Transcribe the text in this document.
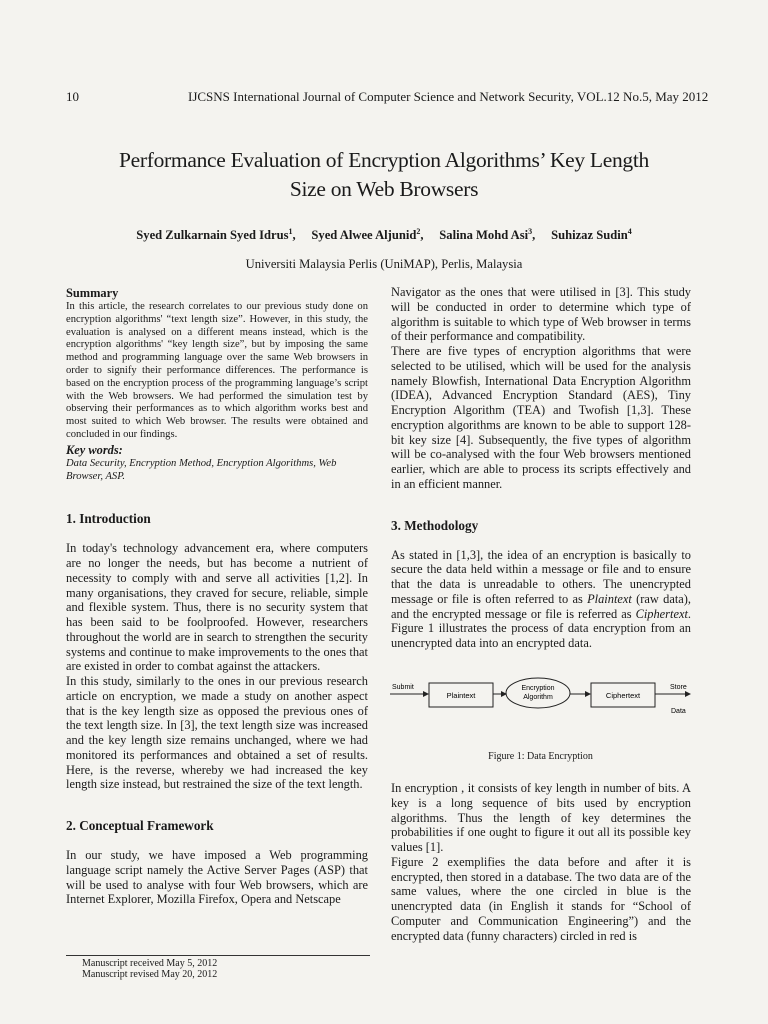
10	IJCSNS International Journal of Computer Science and Network Security, VOL.12 No.5, May 2012
Performance Evaluation of Encryption Algorithms’ Key Length
Size on Web Browsers
Syed Zulkarnain Syed Idrus$^1$, Syed Alwee Aljunid$^2$, Salina Mohd Asi$^3$, Suhizaz Sudin$^4$
Universiti Malaysia Perlis (UniMAP), Perlis, Malaysia
Summary
In this article, the research correlates to our previous study done on encryption algorithms' “text length size”. However, in this study, the evaluation is analysed on a different means instead, which is the encryption algorithms' “key length size”, but by imposing the same method and programming language over the same Web browsers in order to signify their performance differences. The performance is based on the encryption process of the programming language’s script with the Web browsers. We had performed the simulation test by observing their performances as to which algorithm works best and most suited to which Web browser. The results were obtained and concluded in our findings.
Key words:
Data Security, Encryption Method, Encryption Algorithms, Web Browser, ASP.
1. Introduction
In today's technology advancement era, where computers are no longer the needs, but has become a nutrient of necessity to comply with and serve all activities [1,2]. In many organisations, they craved for secure, reliable, simple and flexible system. Thus, there is no security system that has been said to be foolproofed. However, researchers throughout the world are in search to strengthen the security systems and continue to make improvements to the ones that are existed in order to combat against the attackers.
In this study, similarly to the ones in our previous research article on encryption, we made a study on another aspect that is the key length size as opposed the previous ones of the text length size. In [3], the text length size was increased and the key length size remains unchanged, where we had monitored its performances and obtained a set of results. Here, is the reverse, whereby we had increased the key length size instead, but restrained the size of the text length.
2. Conceptual Framework
In our study, we have imposed a Web programming language script namely the Active Server Pages (ASP) that will be used to analyse with four Web browsers, which are Internet Explorer, Mozilla Firefox, Opera and Netscape
Navigator as the ones that were utilised in [3]. This study will be conducted in order to determine which type of algorithm is suitable to which type of Web browser in terms of their performance and compatibility.
There are five types of encryption algorithms that were selected to be utilised, which will be used for the analysis namely Blowfish, International Data Encryption Algorithm (IDEA), Advanced Encryption Standard (AES), Tiny Encryption Algorithm (TEA) and Twofish [1,3]. These encryption algorithms are known to be able to support 128-bit key size [4]. Subsequently, the five types of algorithm will be co-analysed with the four Web browsers mentioned earlier, which are able to process its scripts effectively and in an efficient manner.
3. Methodology
As stated in [1,3], the idea of an encryption is basically to secure the data held within a message or file and to ensure that the data is unreadable to others. The unencrypted message or file is often referred to as Plaintext (raw data), and the encrypted message or file is referred as Ciphertext. Figure 1 illustrates the process of data encryption from an unencrypted data into an encrypted data.
Submit
Plaintext
Encryption
Algorithm	Ciphertext
Store
Data
Figure 1: Data Encryption
In encryption , it consists of key length in number of bits. A key is a long sequence of bits used by encryption algorithms. Thus the length of key determines the probabilities if one ought to figure it out all its possible key values [1].
Figure 2 exemplifies the data before and after it is encrypted, then stored in a database. The two data are of the same values, where the one circled in blue is the unencrypted data (in English it stands for “School of Computer and Communication Engineering”) and the encrypted data (funny characters) circled in red is
Manuscript received May 5, 2012
Manuscript revised May 20, 2012
